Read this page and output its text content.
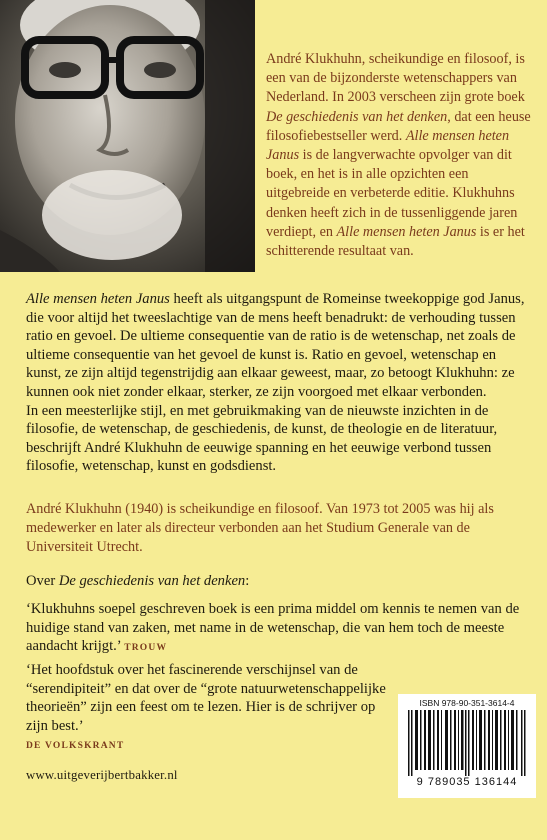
André Klukhuhn, scheikundige en filosoof, is een van de bijzonderste wetenschappers van Nederland. In 2003 verscheen zijn grote boek De geschiedenis van het denken, dat een heuse filosofiebestseller werd. Alle mensen heten Janus is de langverwachte opvolger van dit boek, en het is in alle opzichten een uitgebreide en verbeterde editie. Klukhuhns denken heeft zich in de tussenliggende jaren verdiept, en Alle mensen heten Janus is er het schitterende resultaat van.

Alle mensen heten Janus heeft als uitgangspunt de Romeinse tweekoppige god Janus, die voor altijd het tweeslachtige van de mens heeft benadrukt: de verhouding tussen ratio en gevoel. De ultieme consequentie van de ratio is de wetenschap, net zoals de ultieme consequentie van het gevoel de kunst is. Ratio en gevoel, wetenschap en kunst, ze zijn altijd tegenstrijdig aan elkaar geweest, maar, zo betoogt Klukhuhn: ze kunnen ook niet zonder elkaar, sterker, ze zijn voorgoed met elkaar verbonden.

In een meesterlijke stijl, en met gebruikmaking van de nieuwste inzichten in de filosofie, de wetenschap, de geschiedenis, de kunst, de theologie en de literatuur, beschrijft André Klukhuhn de eeuwige spanning en het eeuwige verbond tussen filosofie, wetenschap, kunst en godsdienst.

André Klukhuhn (1940) is scheikundige en filosoof. Van 1973 tot 2005 was hij als medewerker en later als directeur verbonden aan het Studium Generale van de Universiteit Utrecht.
Over De geschiedenis van het denken:
‘Klukhuhns soepel geschreven boek is een prima middel om kennis te nemen van de huidige stand van zaken, met name in de wetenschap, die van hem toch de meeste aandacht krijgt.’ TROUW
‘Het hoofdstuk over het fascinerende verschijnsel van de “serendipiteit” en dat over de “grote natuurwetenschappelijke theorieën” zijn een feest om te lezen. Hier is de schrijver op zijn best.’
DE VOLKSKRANT
www.uitgeverijbertbakker.nl
ISBN 978-90-351-3614-4
9 789035 136144
